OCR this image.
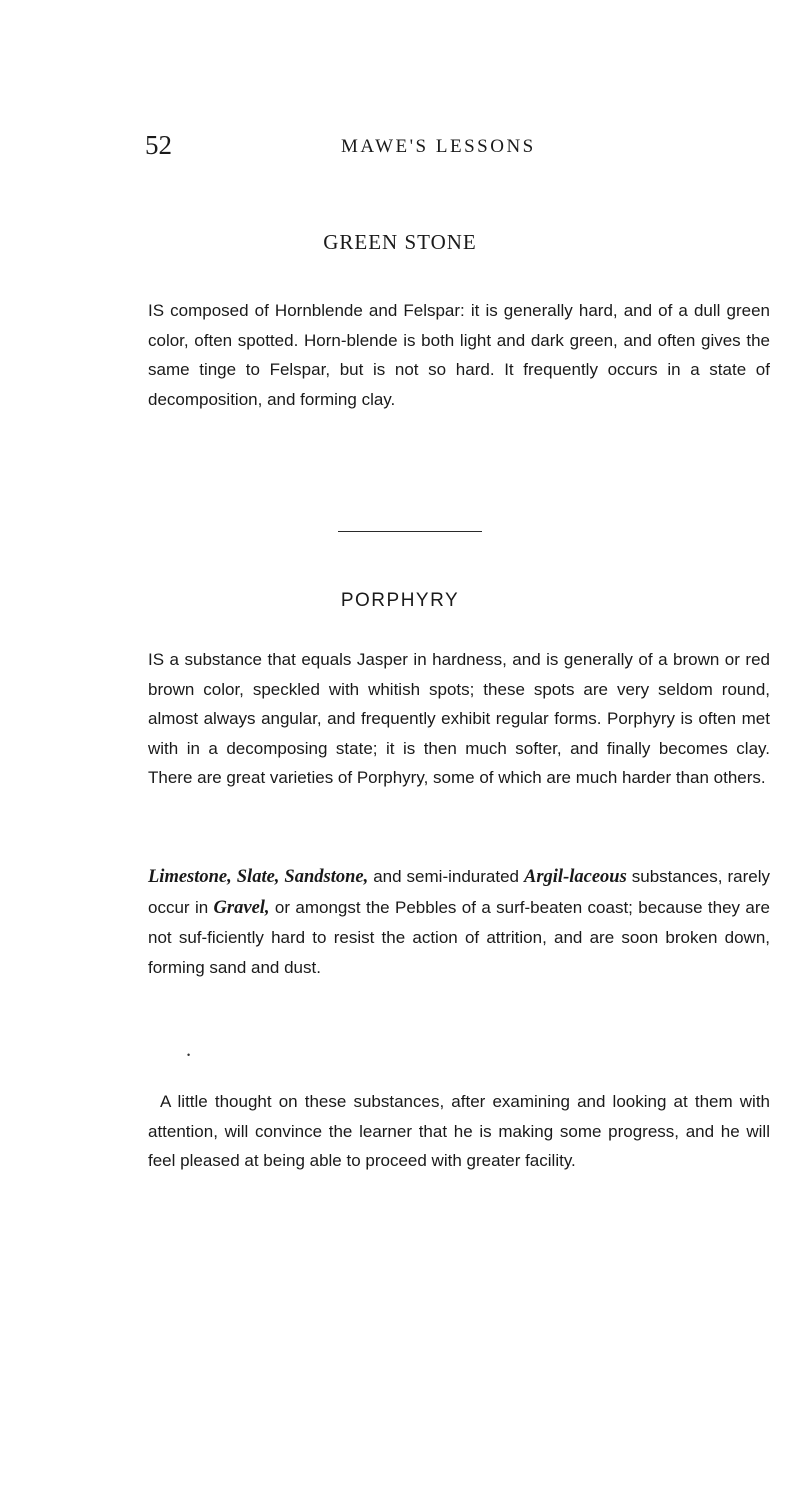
52	MAWE'S LESSONS
GREEN STONE
IS composed of Hornblende and Felspar: it is generally hard, and of a dull green color, often spotted. Horn-blende is both light and dark green, and often gives the same tinge to Felspar, but is not so hard. It frequently occurs in a state of decomposition, and forming clay.
PORPHYRY
IS a substance that equals Jasper in hardness, and is generally of a brown or red brown color, speckled with whitish spots; these spots are very seldom round, almost always angular, and frequently exhibit regular forms. Porphyry is often met with in a decomposing state; it is then much softer, and finally becomes clay. There are great varieties of Porphyry, some of which are much harder than others.
Limestone, Slate, Sandstone, and semi-indurated Argil-laceous substances, rarely occur in Gravel, or amongst the Pebbles of a surf-beaten coast; because they are not suf-ficiently hard to resist the action of attrition, and are soon broken down, forming sand and dust.
•
A little thought on these substances, after examining and looking at them with attention, will convince the learner that he is making some progress, and he will feel pleased at being able to proceed with greater facility.
